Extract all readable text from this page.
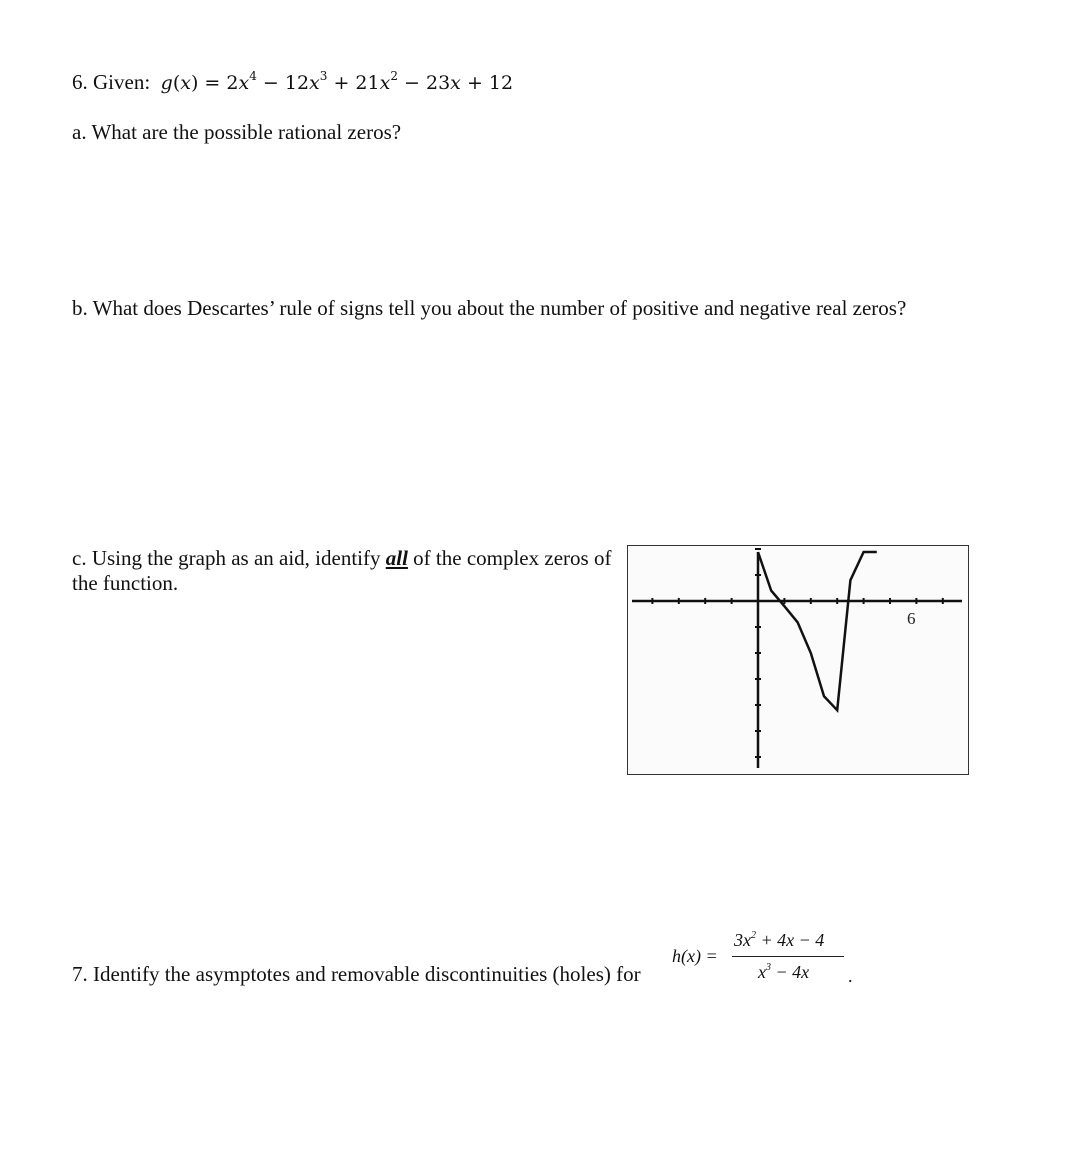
6. Given: $g(x) = 2x^4 - 12x^3 + 21x^2 - 23x + 12$
a. What are the possible rational zeros?
b. What does Descartes’ rule of signs tell you about the number of positive and negative real zeros?
c. Using the graph as an aid, identify all of the complex zeros of the function.
6
7. Identify the asymptotes and removable discontinuities (holes) for
h(x) =
$3x^2 + 4x - 4$
$x^3 - 4x$ .
